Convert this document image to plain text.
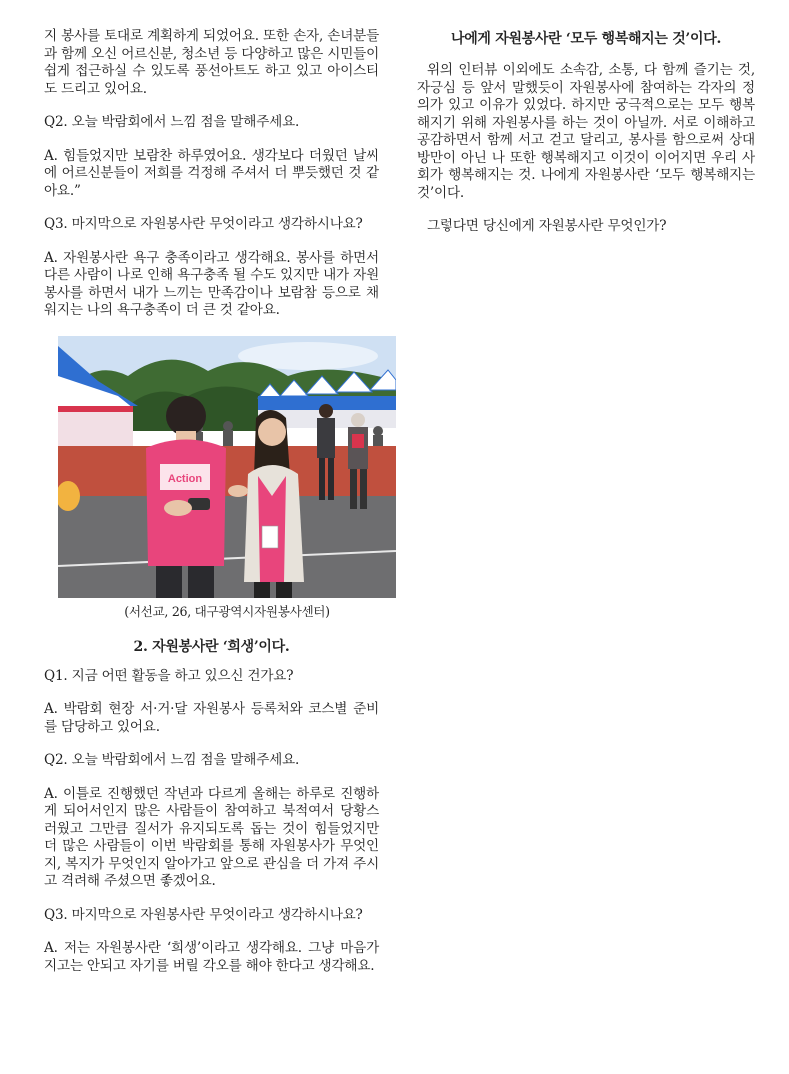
지 봉사를 토대로 계획하게 되었어요. 또한 손자, 손녀분들과 함께 오신 어르신분, 청소년 등 다양하고 많은 시민들이 쉽게 접근하실 수 있도록 풍선아트도 하고 있고 아이스티도 드리고 있어요.

Q2. 오늘 박람회에서 느낌 점을 말해주세요.

A. 힘들었지만 보람찬 하루였어요. 생각보다 더웠던 날씨에 어르신분들이 저희를 걱정해 주셔서 더 뿌듯했던 것 같아요.”

Q3. 마지막으로 자원봉사란 무엇이라고 생각하시나요?

A. 자원봉사란 욕구 충족이라고 생각해요. 봉사를 하면서 다른 사람이 나로 인해 욕구충족 될 수도 있지만 내가 자원봉사를 하면서 내가 느끼는 만족감이나 보람참 등으로 채워지는 나의 욕구충족이 더 큰 것 같아요.

Action
(서선교, 26, 대구광역시자원봉사센터)
2. 자원봉사란 ‘희생’이다.

Q1. 지금 어떤 활동을 하고 있으신 건가요?

A. 박람회 현장 서·거·달 자원봉사 등록처와 코스별 준비를 담당하고 있어요.

Q2. 오늘 박람회에서 느낌 점을 말해주세요.

A. 이틀로 진행했던 작년과 다르게 올해는 하루로 진행하게 되어서인지 많은 사람들이 참여하고 북적여서 당황스러웠고 그만큼 질서가 유지되도록 돕는 것이 힘들었지만 더 많은 사람들이 이번 박람회를 통해 자원봉사가 무엇인지, 복지가 무엇인지 알아가고 앞으로 관심을 더 가져 주시고 격려해 주셨으면 좋겠어요.

Q3. 마지막으로 자원봉사란 무엇이라고 생각하시나요?

A. 저는 자원봉사란 ‘희생’이라고 생각해요. 그냥 마음가지고는 안되고 자기를 버릴 각오를 해야 한다고 생각해요.

나에게 자원봉사란 ‘모두 행복해지는 것’이다.

위의 인터뷰 이외에도 소속감, 소통, 다 함께 즐기는 것, 자긍심 등 앞서 말했듯이 자원봉사에 참여하는 각자의 정의가 있고 이유가 있었다. 하지만 궁극적으로는 모두 행복해지기 위해 자원봉사를 하는 것이 아닐까. 서로 이해하고 공감하면서 함께 서고 걷고 달리고, 봉사를 함으로써 상대방만이 아닌 나 또한 행복해지고 이것이 이어지면 우리 사회가 행복해지는 것. 나에게 자원봉사란 ‘모두 행복해지는 것’이다.

그렇다면 당신에게 자원봉사란 무엇인가?
